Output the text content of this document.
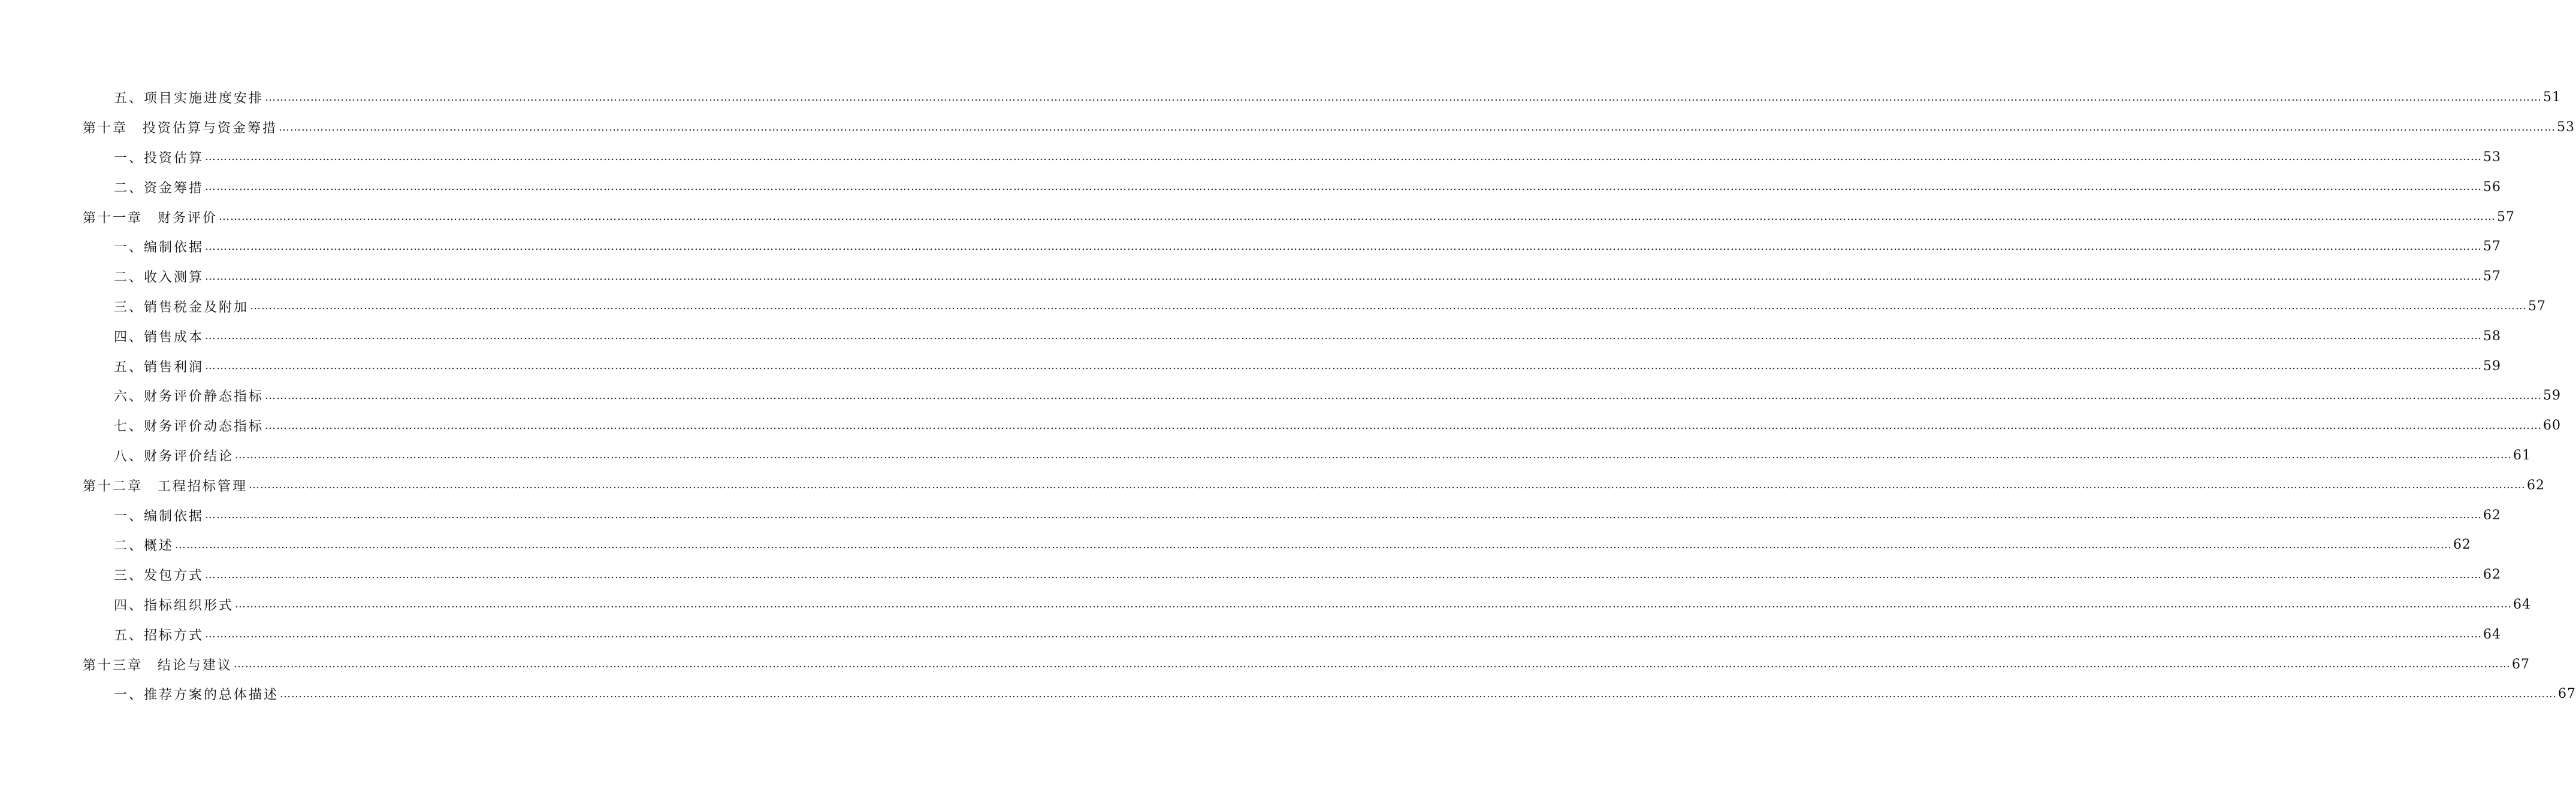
五、项目实施进度安排 …………………………………………………………………………………………………………………………………………………………………………………………………………………………………………………………………………………………………………………………………………………………………………………………………………………………………………………………………………………………………………………………………………………… 51
第十章　投资估算与资金筹措 …………………………………………………………………………………………………………………………………………………………………………………………………………………………………………………………………………………………………………………………………………………………………………………………………………………………………………………………………………………………………………………………………………………… 53
一、投资估算 …………………………………………………………………………………………………………………………………………………………………………………………………………………………………………………………………………………………………………………………………………………………………………………………………………………………………………………………………………………………………………………………………………………… 53
二、资金筹措 …………………………………………………………………………………………………………………………………………………………………………………………………………………………………………………………………………………………………………………………………………………………………………………………………………………………………………………………………………………………………………………………………………………… 56
第十一章　财务评价 …………………………………………………………………………………………………………………………………………………………………………………………………………………………………………………………………………………………………………………………………………………………………………………………………………………………………………………………………………………………………………………………………………………… 57
一、编制依据 …………………………………………………………………………………………………………………………………………………………………………………………………………………………………………………………………………………………………………………………………………………………………………………………………………………………………………………………………………………………………………………………………………………… 57
二、收入测算 …………………………………………………………………………………………………………………………………………………………………………………………………………………………………………………………………………………………………………………………………………………………………………………………………………………………………………………………………………………………………………………………………………………… 57
三、销售税金及附加 …………………………………………………………………………………………………………………………………………………………………………………………………………………………………………………………………………………………………………………………………………………………………………………………………………………………………………………………………………………………………………………………………………………… 57
四、销售成本 …………………………………………………………………………………………………………………………………………………………………………………………………………………………………………………………………………………………………………………………………………………………………………………………………………………………………………………………………………………………………………………………………………………… 58
五、销售利润 …………………………………………………………………………………………………………………………………………………………………………………………………………………………………………………………………………………………………………………………………………………………………………………………………………………………………………………………………………………………………………………………………………………… 59
六、财务评价静态指标 …………………………………………………………………………………………………………………………………………………………………………………………………………………………………………………………………………………………………………………………………………………………………………………………………………………………………………………………………………………………………………………………………………………… 59
七、财务评价动态指标 …………………………………………………………………………………………………………………………………………………………………………………………………………………………………………………………………………………………………………………………………………………………………………………………………………………………………………………………………………………………………………………………………………………… 60
八、财务评价结论 …………………………………………………………………………………………………………………………………………………………………………………………………………………………………………………………………………………………………………………………………………………………………………………………………………………………………………………………………………………………………………………………………………………… 61
第十二章　工程招标管理 …………………………………………………………………………………………………………………………………………………………………………………………………………………………………………………………………………………………………………………………………………………………………………………………………………………………………………………………………………………………………………………………………………………… 62
一、编制依据 …………………………………………………………………………………………………………………………………………………………………………………………………………………………………………………………………………………………………………………………………………………………………………………………………………………………………………………………………………………………………………………………………………………… 62
二、概述 …………………………………………………………………………………………………………………………………………………………………………………………………………………………………………………………………………………………………………………………………………………………………………………………………………………………………………………………………………………………………………………………………………………… 62
三、发包方式 …………………………………………………………………………………………………………………………………………………………………………………………………………………………………………………………………………………………………………………………………………………………………………………………………………………………………………………………………………………………………………………………………………………… 62
四、指标组织形式 …………………………………………………………………………………………………………………………………………………………………………………………………………………………………………………………………………………………………………………………………………………………………………………………………………………………………………………………………………………………………………………………………………………… 64
五、招标方式 …………………………………………………………………………………………………………………………………………………………………………………………………………………………………………………………………………………………………………………………………………………………………………………………………………………………………………………………………………………………………………………………………………………… 64
第十三章　结论与建议 …………………………………………………………………………………………………………………………………………………………………………………………………………………………………………………………………………………………………………………………………………………………………………………………………………………………………………………………………………………………………………………………………………………… 67
一、推荐方案的总体描述 …………………………………………………………………………………………………………………………………………………………………………………………………………………………………………………………………………………………………………………………………………………………………………………………………………………………………………………………………………………………………………………………………………………… 67
